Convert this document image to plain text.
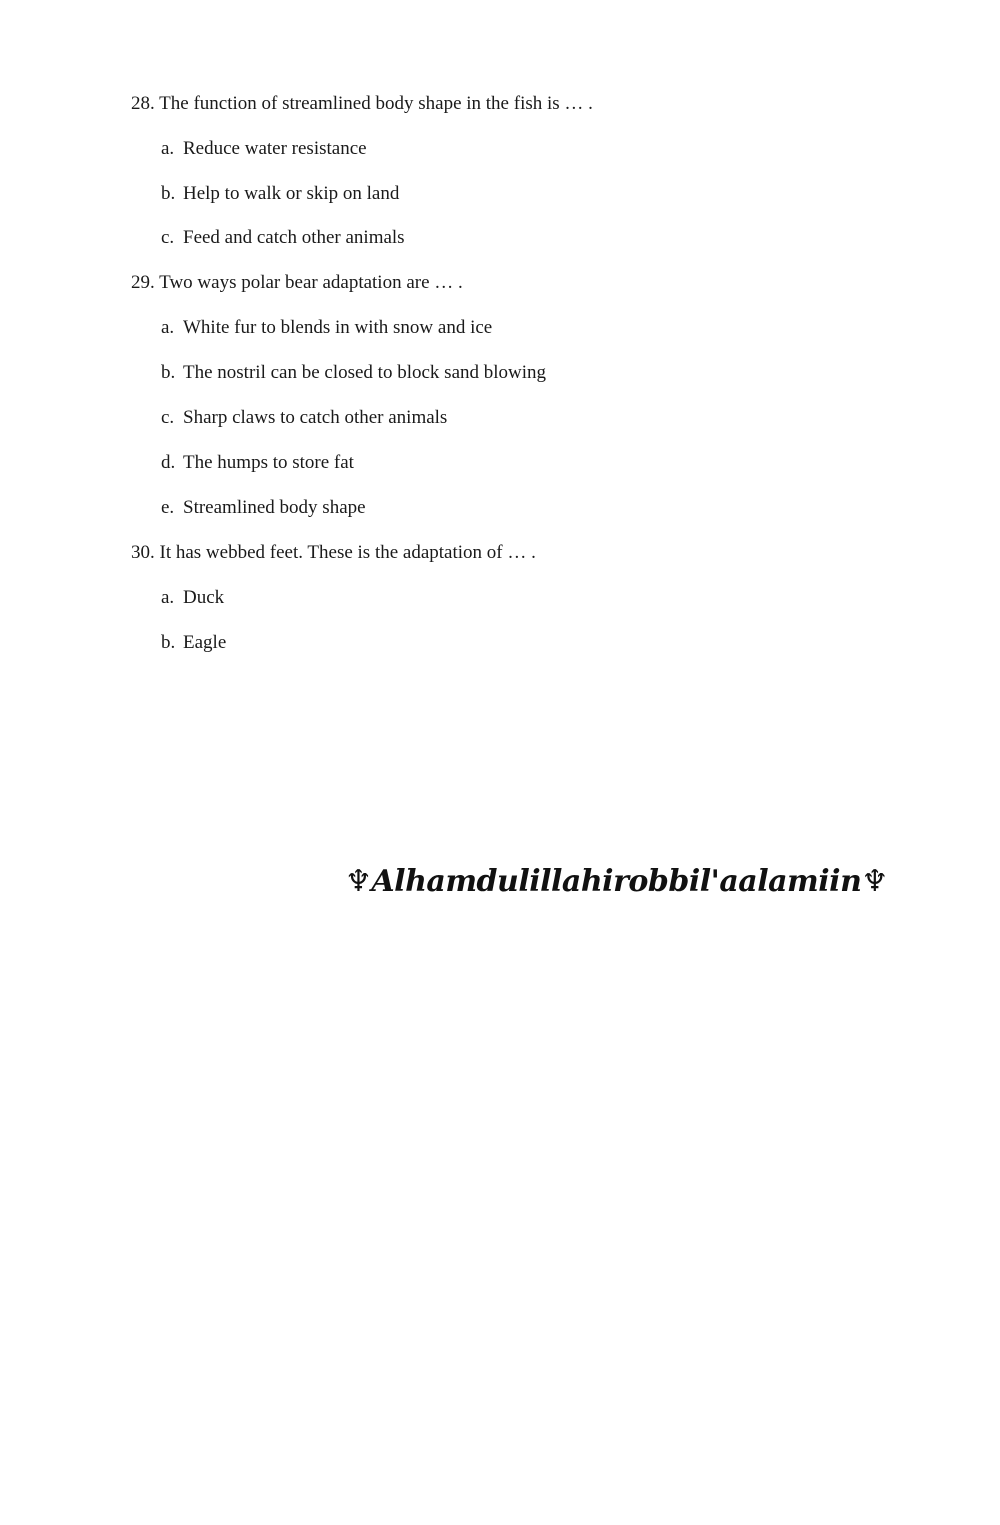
28. The function of streamlined body shape in the fish is … .
a. Reduce water resistance
b. Help to walk or skip on land
c. Feed and catch other animals
29. Two ways polar bear adaptation are … .
a. White fur to blends in with snow and ice
b. The nostril can be closed to block sand blowing
c. Sharp claws to catch other animals
d. The humps to store fat
e. Streamlined body shape
30. It has webbed feet. These is the adaptation of … .
a. Duck
b. Eagle
♆Alhamdulillahirobbil'aalamiin♆
